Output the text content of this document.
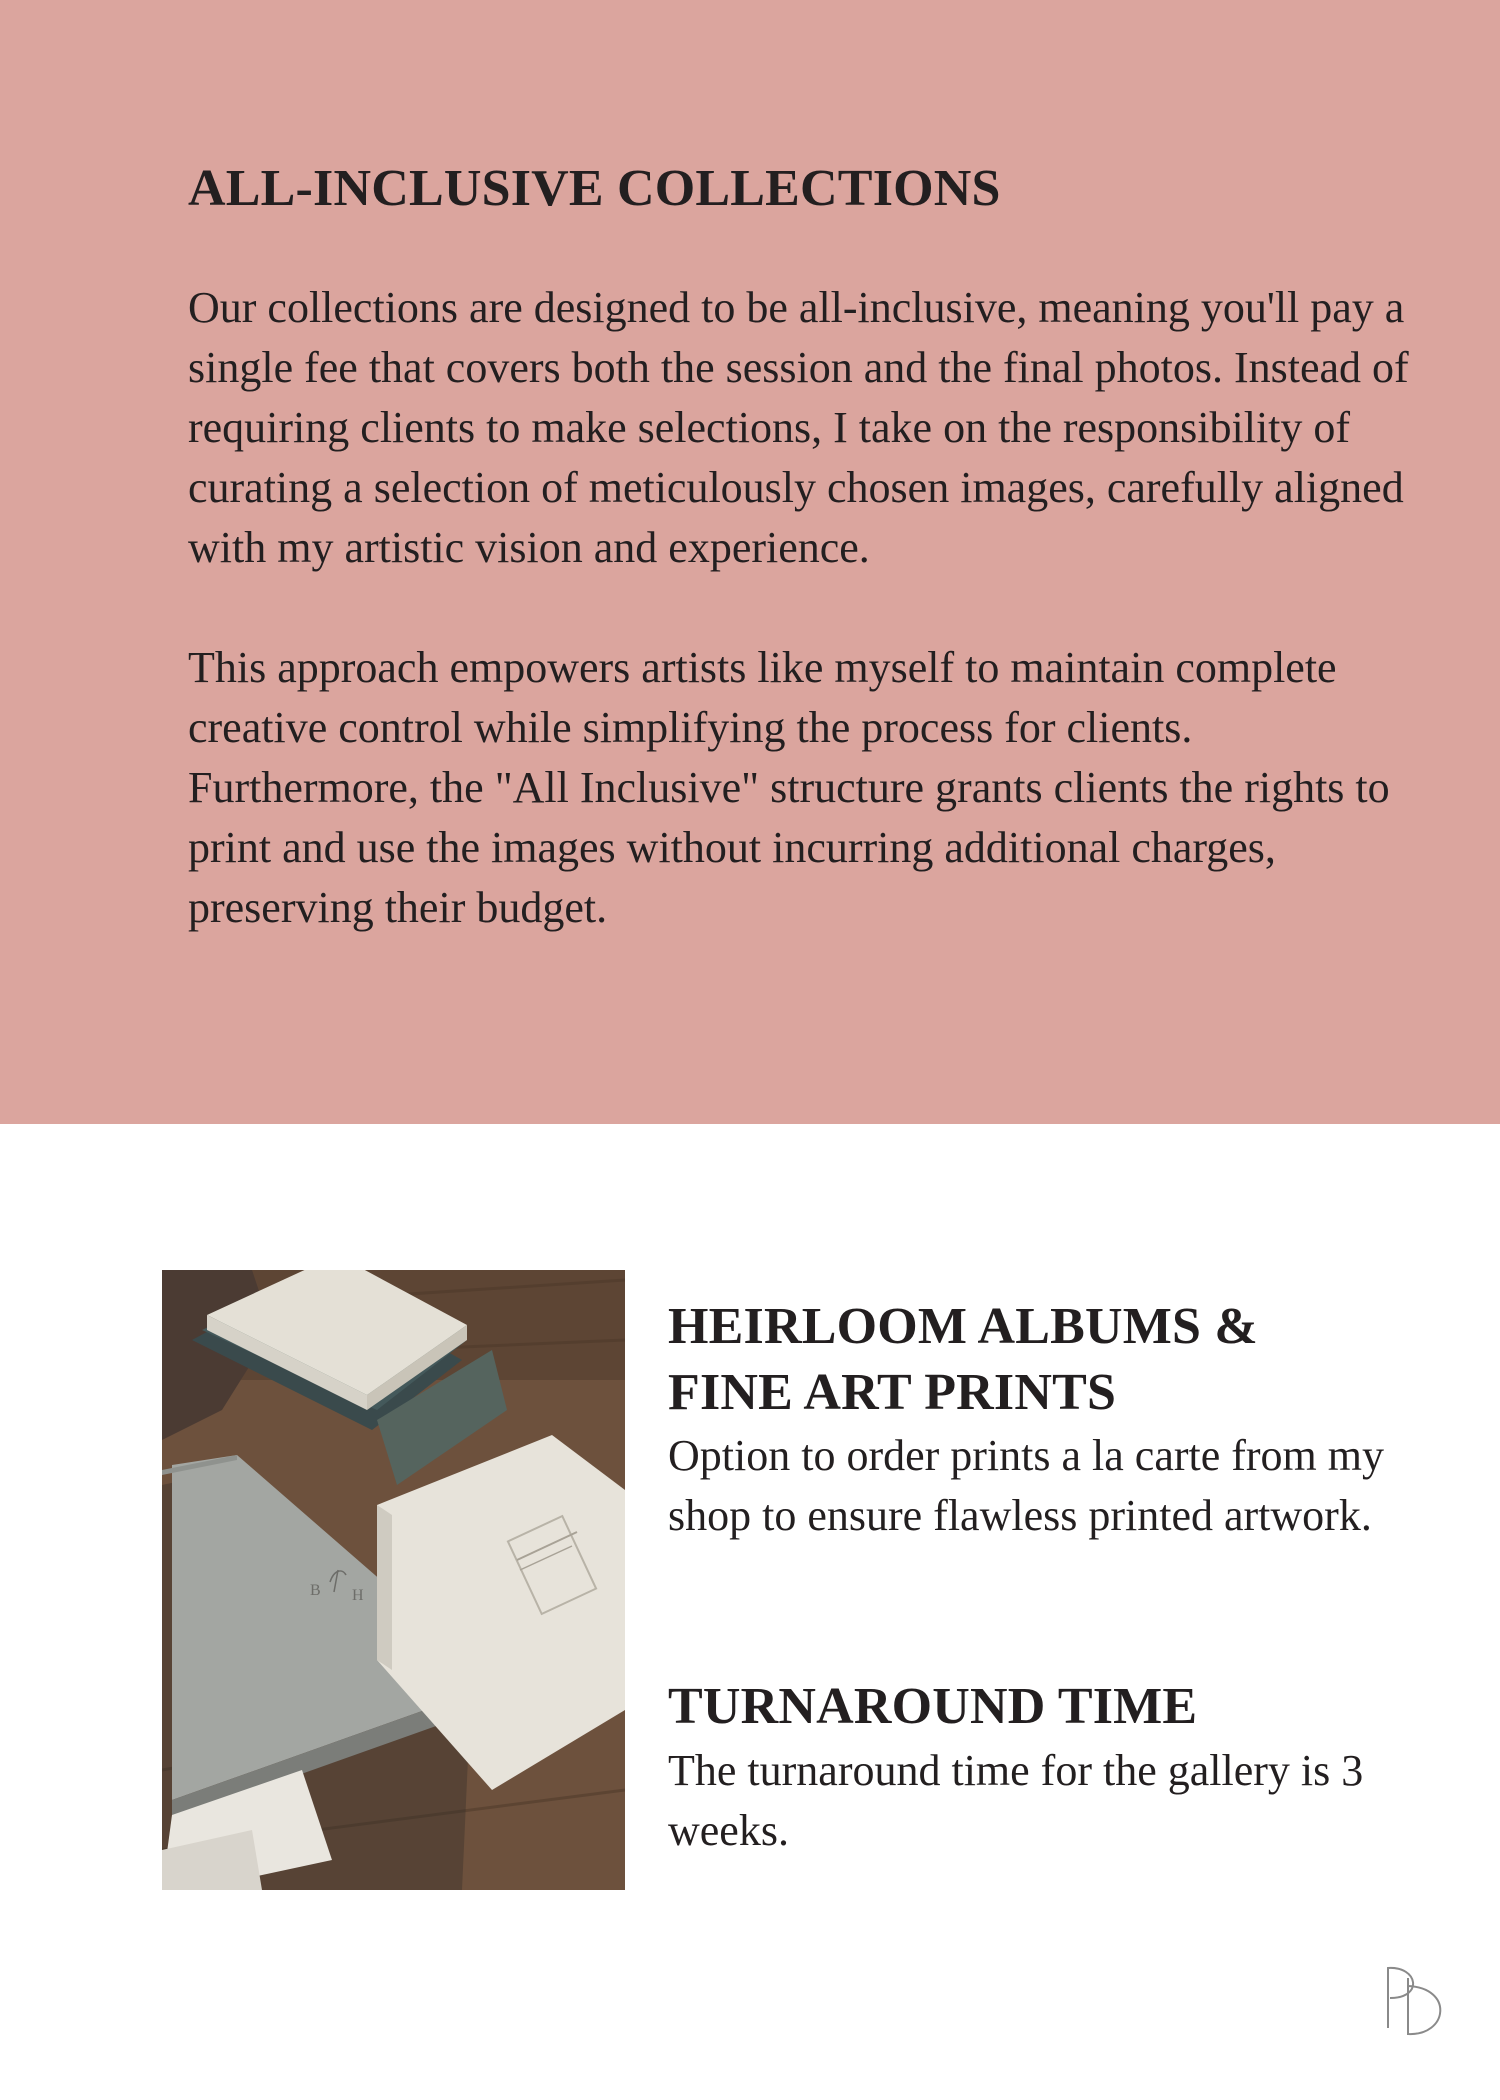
ALL-INCLUSIVE COLLECTIONS

Our collections are designed to be all-inclusive, meaning you'll pay a single fee that covers both the session and the final photos. Instead of requiring clients to make selections, I take on the responsibility of curating a selection of meticulously chosen images, carefully aligned with my artistic vision and experience.
This approach empowers artists like myself to maintain complete creative control while simplifying the process for clients. Furthermore, the "All Inclusive" structure grants clients the rights to print and use the images without incurring additional charges, preserving their budget.

B H
HEIRLOOM ALBUMS &
FINE ART PRINTS

Option to order prints a la carte from my shop to ensure flawless printed artwork.

TURNAROUND TIME

The turnaround time for the gallery is 3 weeks.
